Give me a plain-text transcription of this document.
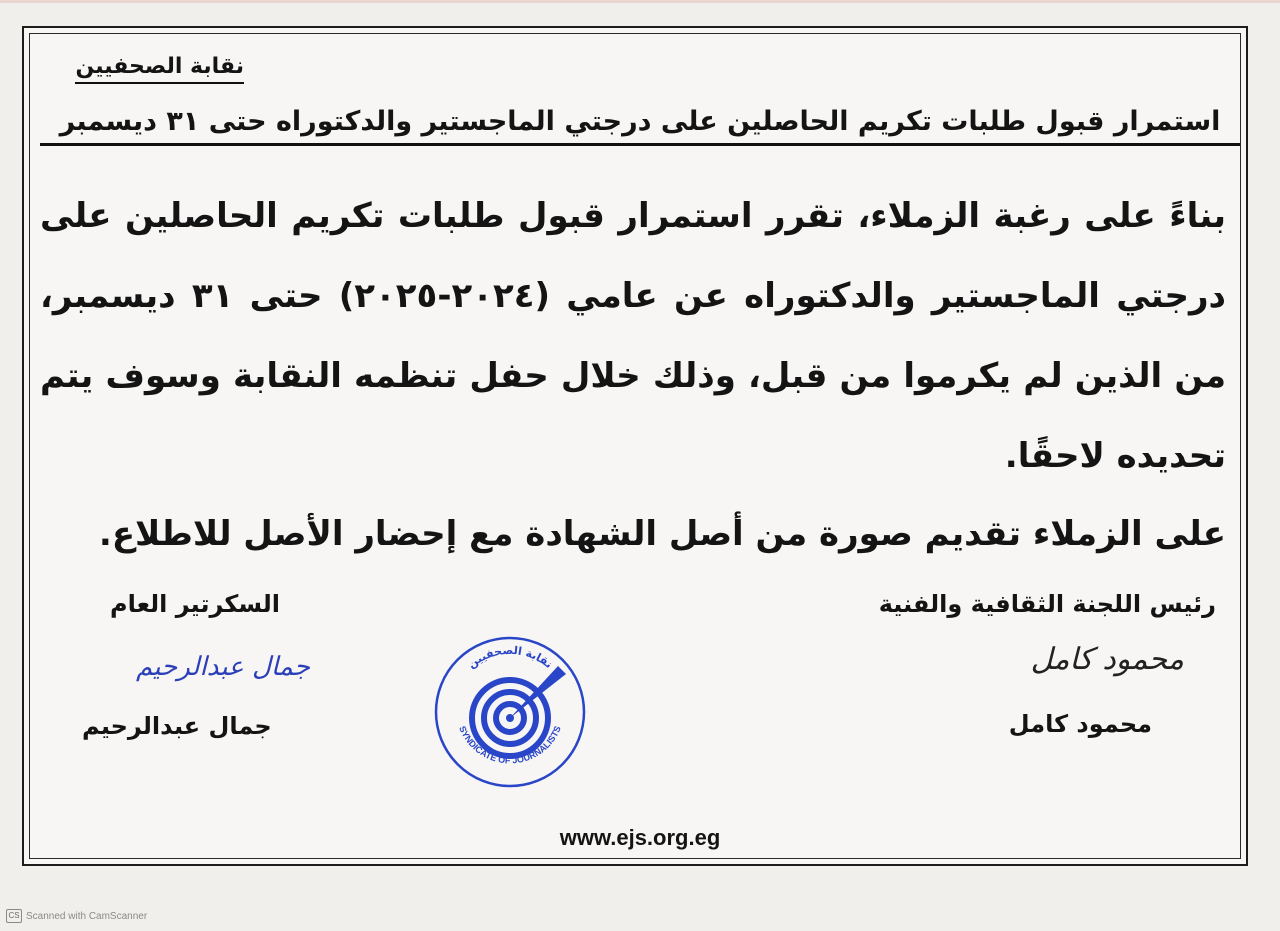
نقابة الصحفيين
استمرار قبول طلبات تكريم الحاصلين على درجتي الماجستير والدكتوراه حتى ٣١ ديسمبر

بناءً على رغبة الزملاء، تقرر استمرار قبول طلبات تكريم الحاصلين على درجتي الماجستير والدكتوراه عن عامي (٢٠٢٤-٢٠٢٥) حتى ٣١ ديسمبر، من الذين لم يكرموا من قبل، وذلك خلال حفل تنظمه النقابة وسوف يتم تحديده لاحقًا.

على الزملاء تقديم صورة من أصل الشهادة مع إحضار الأصل للاطلاع.

رئيس اللجنة الثقافية والفنية
محمود كامل
محمود كامل
السكرتير العام
جمال عبدالرحيم
جمال عبدالرحيم
نقابة الصحفيين
SYNDICATE OF JOURNALISTS
www.ejs.org.eg
CS Scanned with CamScanner
